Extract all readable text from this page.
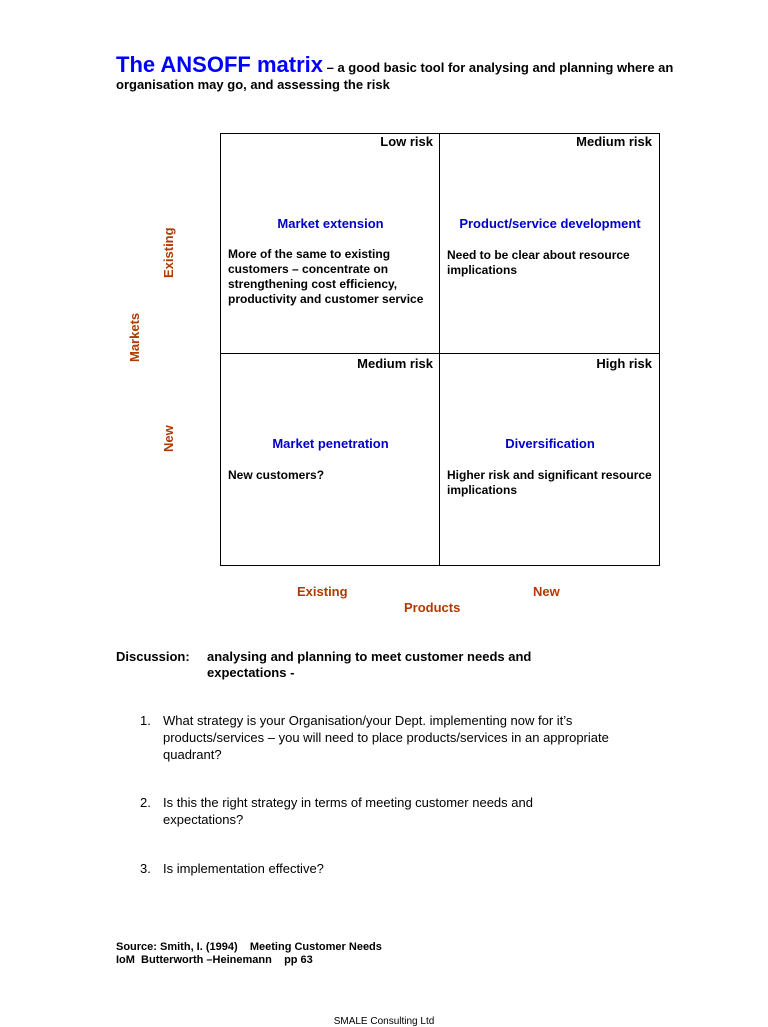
The ANSOFF matrix – a good basic tool for analysing and planning where an organisation may go, and assessing the risk
Low risk
Market extension
More of the same to existing customers – concentrate on strengthening cost efficiency, productivity and customer service
Medium risk
Product/service development
Need to be clear about resource implications
Medium risk
Market penetration
New customers?
High risk
Diversification
Higher risk and significant resource implications
Existing
Markets
New
Existing	New
Products
Discussion: analysing and planning to meet customer needs and expectations -
1. What strategy is your Organisation/your Dept. implementing now for it’s products/services – you will need to place products/services in an appropriate quadrant?
2. Is this the right strategy in terms of meeting customer needs and expectations?
3. Is implementation effective?
Source: Smith, I. (1994)    Meeting Customer Needs
IoM  Butterworth –Heinemann    pp 63
SMALE Consulting Ltd
